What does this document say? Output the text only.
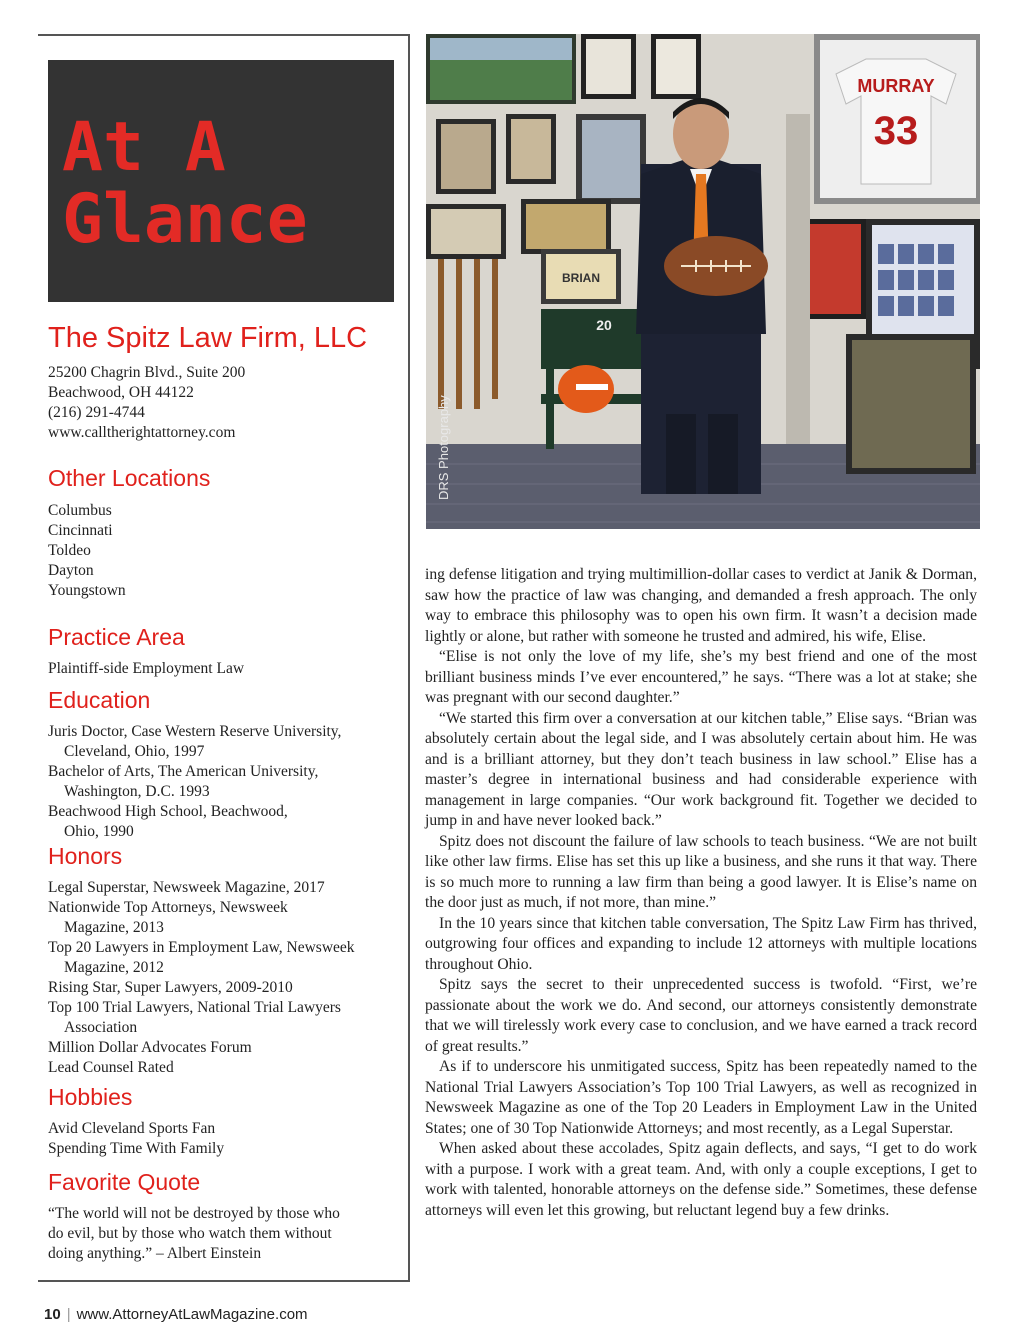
At A
Glance
The Spitz Law Firm, LLC
25200 Chagrin Blvd., Suite 200
Beachwood, OH 44122
(216) 291-4744
www.calltherightattorney.com
Other Locations
Columbus
Cincinnati
Toldeo
Dayton
Youngstown
Practice Area
Plaintiff-side Employment Law
Education
Juris Doctor, Case Western Reserve University,
Cleveland, Ohio, 1997
Bachelor of Arts, The American University,
Washington, D.C. 1993
Beachwood High School, Beachwood,
Ohio, 1990
Honors
Legal Superstar, Newsweek Magazine, 2017
Nationwide Top Attorneys, Newsweek
Magazine, 2013
Top 20 Lawyers in Employment Law, Newsweek
Magazine, 2012
Rising Star, Super Lawyers, 2009-2010
Top 100 Trial Lawyers, National Trial Lawyers
Association
Million Dollar Advocates Forum
Lead Counsel Rated
Hobbies
Avid Cleveland Sports Fan
Spending Time With Family
Favorite Quote
“The world will not be destroyed by those who
do evil, but by those who watch them without
doing anything.” – Albert Einstein
MURRAY
33
BRIAN
20
DRS Photography

ing defense litigation and trying multimillion-dollar cases to verdict at Janik & Dorman, saw how the practice of law was changing, and demanded a fresh approach. The only way to embrace this philosophy was to open his own firm. It wasn’t a decision made lightly or alone, but rather with someone he trusted and admired, his wife, Elise.

“Elise is not only the love of my life, she’s my best friend and one of the most brilliant business minds I’ve ever encountered,” he says. “There was a lot at stake; she was pregnant with our second daughter.”

“We started this firm over a conversation at our kitchen table,” Elise says. “Brian was absolutely certain about the legal side, and I was absolutely certain about him. He was and is a brilliant attorney, but they don’t teach business in law school.” Elise has a master’s degree in international business and had considerable experience with management in large companies. “Our work background fit. Together we decided to jump in and have never looked back.”

Spitz does not discount the failure of law schools to teach business. “We are not built like other law firms. Elise has set this up like a business, and she runs it that way. There is so much more to running a law firm than being a good lawyer. It is Elise’s name on the door just as much, if not more, than mine.”

In the 10 years since that kitchen table conversation, The Spitz Law Firm has thrived, outgrowing four offices and expanding to include 12 attorneys with multiple locations throughout Ohio.

Spitz says the secret to their unprecedented success is twofold. “First, we’re passionate about the work we do. And second, our attorneys consistently demonstrate that we will tirelessly work every case to conclusion, and we have earned a track record of great results.”

As if to underscore his unmitigated success, Spitz has been repeatedly named to the National Trial Lawyers Association’s Top 100 Trial Lawyers, as well as recognized in Newsweek Magazine as one of the Top 20 Leaders in Employment Law in the United States; one of 30 Top Nationwide Attorneys; and most recently, as a Legal Superstar.

When asked about these accolades, Spitz again deflects, and says, “I get to do work with a purpose. I work with a great team. And, with only a couple exceptions, I get to work with talented, honorable attorneys on the defense side.” Sometimes, these defense attorneys will even let this growing, but reluctant legend buy a few drinks.

10 | www.AttorneyAtLawMagazine.com
